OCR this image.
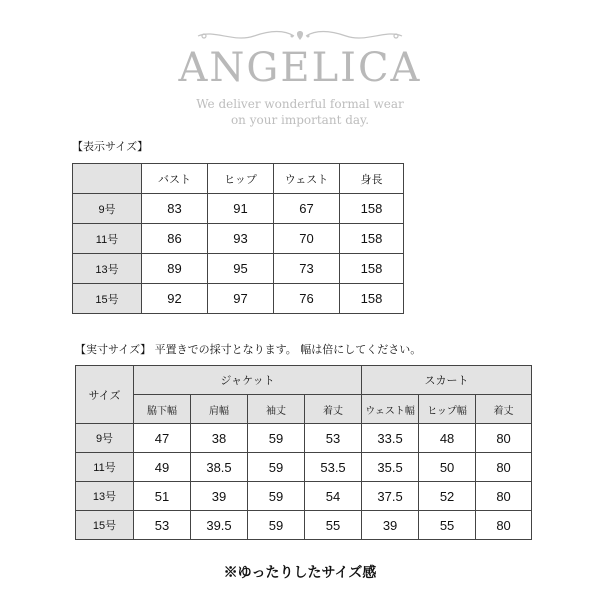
ANGELICA
We deliver wonderful formal wear
on your important day.
【表示サイズ】
	バスト	ヒップ	ウェスト	身長
9号	83	91	67	158
11号	86	93	70	158
13号	89	95	73	158
15号	92	97	76	158
【実寸サイズ】 平置きでの採寸となります。 幅は倍にしてください。
サイズ	ジャケット				スカート		
	脇下幅	肩幅	袖丈	着丈	ウェスト幅	ヒップ幅	着丈
9号	47	38	59	53	33.5	48	80
11号	49	38.5	59	53.5	35.5	50	80
13号	51	39	59	54	37.5	52	80
15号	53	39.5	59	55	39	55	80
※ゆったりしたサイズ感
